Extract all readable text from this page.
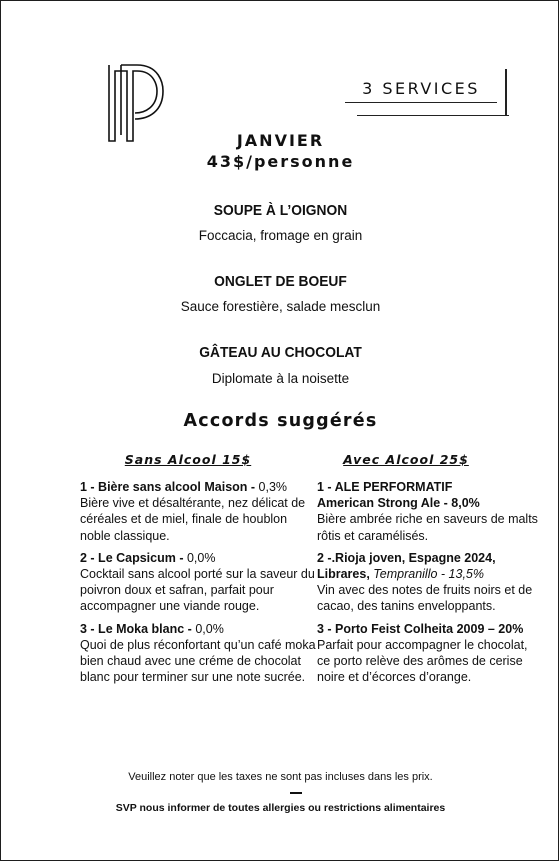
3 SERVICES
JANVIER
43$/personne
SOUPE À L’OIGNON
Foccacia, fromage en grain
ONGLET DE BOEUF
Sauce forestière, salade mesclun
GÂTEAU AU CHOCOLAT
Diplomate à la noisette
Accords suggérés
Sans Alcool 15$	Avec Alcool 25$
1 - Bière sans alcool Maison - 0,3%
Bière vive et désaltérante, nez délicat de céréales et de miel, finale de houblon noble classique.
2 - Le Capsicum - 0,0%
Cocktail sans alcool porté sur la saveur du poivron doux et safran, parfait pour accompagner une viande rouge.
3 - Le Moka blanc - 0,0%
Quoi de plus réconfortant qu’un café moka bien chaud avec une créme de chocolat blanc pour terminer sur une note sucrée.
1 - ALE PERFORMATIF
American Strong Ale - 8,0%
Bière ambrée riche en saveurs de malts rôtis et caramélisés.
2 -.Rioja joven, Espagne 2024, Librares, Tempranillo - 13,5%
Vin avec des notes de fruits noirs et de cacao, des tanins enveloppants.
3 - Porto Feist Colheita 2009 – 20%
Parfait pour accompagner le chocolat, ce porto relève des arômes de cerise noire et d’écorces d’orange.
Veuillez noter que les taxes ne sont pas incluses dans les prix.
SVP nous informer de toutes allergies ou restrictions alimentaires
